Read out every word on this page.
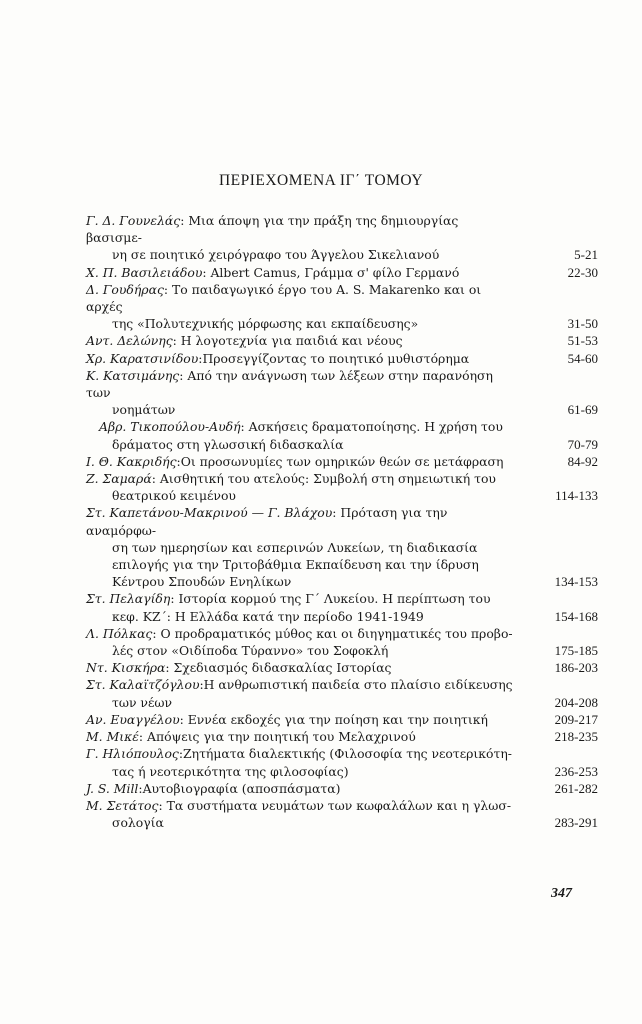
ΠΕΡΙΕΧΟΜΕΝΑ ΙΓ΄ ΤΟΜΟΥ
Γ. Δ. Γουνελάς: Μια άποψη για την πράξη της δημιουργίας βασισμε-
νη σε ποιητικό χειρόγραφο του Άγγελου Σικελιανού	5-21
Χ. Π. Βασιλειάδου: Albert Camus, Γράμμα σ' φίλο Γερμανό	22-30
Δ. Γουδήρας: Το παιδαγωγικό έργο του A. S. Makarenko και οι αρχές
της «Πολυτεχνικής μόρφωσης και εκπαίδευσης»	31-50
Αντ. Δελώνης: Η λογοτεχνία για παιδιά και νέους	51-53
Χρ. Καρατσινίδου:Προσεγγίζοντας το ποιητικό μυθιστόρημα	54-60
Κ. Κατσιμάνης: Από την ανάγνωση των λέξεων στην παρανόηση των
νοημάτων	61-69
Αβρ. Τικοπούλου-Αυδή: Ασκήσεις δραματοποίησης. Η χρήση του
δράματος στη γλωσσική διδασκαλία	70-79
Ι. Θ. Κακριδής:Οι προσωνυμίες των ομηρικών θεών σε μετάφραση	84-92
Ζ. Σαμαρά: Αισθητική του ατελούς: Συμβολή στη σημειωτική του
θεατρικού κειμένου	114-133
Στ. Καπετάνου-Μακρινού — Γ. Βλάχου: Πρόταση για την αναμόρφω-
ση των ημερησίων και εσπερινών Λυκείων, τη διαδικασία
επιλογής για την Τριτοβάθμια Εκπαίδευση και την ίδρυση
Κέντρου Σπουδών Ενηλίκων	134-153
Στ. Πελαγίδη: Ιστορία κορμού της Γ΄ Λυκείου. Η περίπτωση του
κεφ. ΚΖ΄: Η Ελλάδα κατά την περίοδο 1941-1949	154-168
Λ. Πόλκας: Ο προδραματικός μύθος και οι διηγηματικές του προβο-
λές στον «Οιδίποδα Τύραννο» του Σοφοκλή	175-185
Ντ. Κισκήρα: Σχεδιασμός διδασκαλίας Ιστορίας	186-203
Στ. Καλαϊτζόγλου:Η ανθρωπιστική παιδεία στο πλαίσιο ειδίκευσης
των νέων	204-208
Αν. Ευαγγέλου: Εννέα εκδοχές για την ποίηση και την ποιητική	209-217
Μ. Μικέ: Απόψεις για την ποιητική του Μελαχρινού	218-235
Γ. Ηλιόπουλος:Ζητήματα διαλεκτικής (Φιλοσοφία της νεοτερικότη-
τας ή νεοτερικότητα της φιλοσοφίας)	236-253
J. S. Mill:Αυτοβιογραφία (αποσπάσματα)	261-282
Μ. Σετάτος: Τα συστήματα νευμάτων των κωφαλάλων και η γλωσ-
σολογία	283-291
347
